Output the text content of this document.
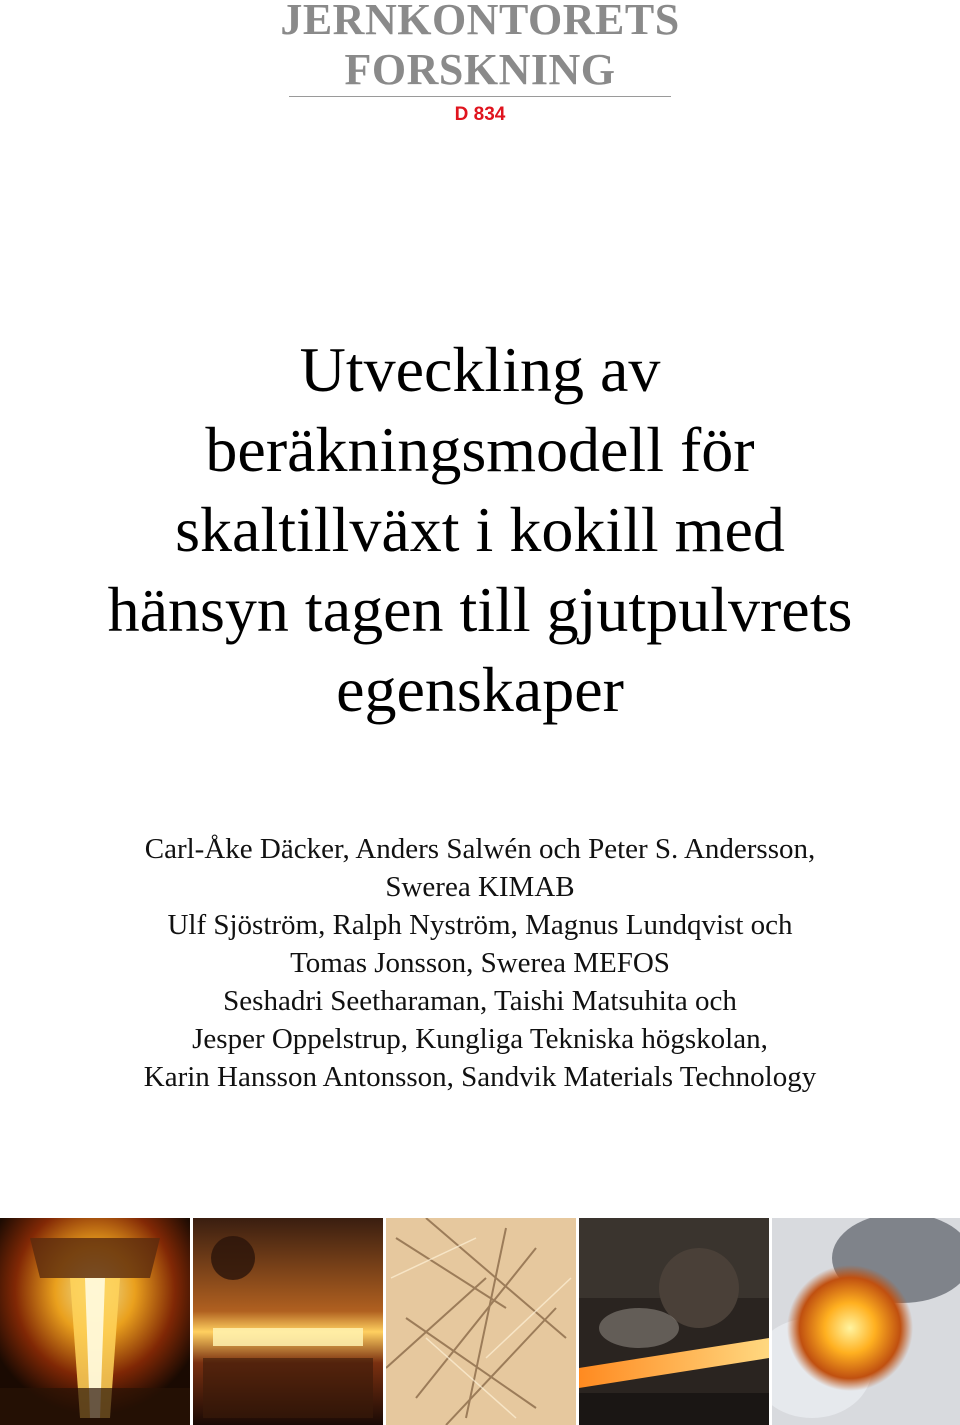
JERNKONTORETS
FORSKNING
D 834
Utveckling av
beräkningsmodell för
skaltillväxt i kokill med
hänsyn tagen till gjutpulvrets
egenskaper
Carl-Åke Däcker, Anders Salwén och Peter S. Andersson,
Swerea KIMAB
Ulf Sjöström, Ralph Nyström, Magnus Lundqvist och
Tomas Jonsson, Swerea MEFOS
Seshadri Seetharaman, Taishi Matsuhita och
Jesper Oppelstrup, Kungliga Tekniska högskolan,
Karin Hansson Antonsson, Sandvik Materials Technology
